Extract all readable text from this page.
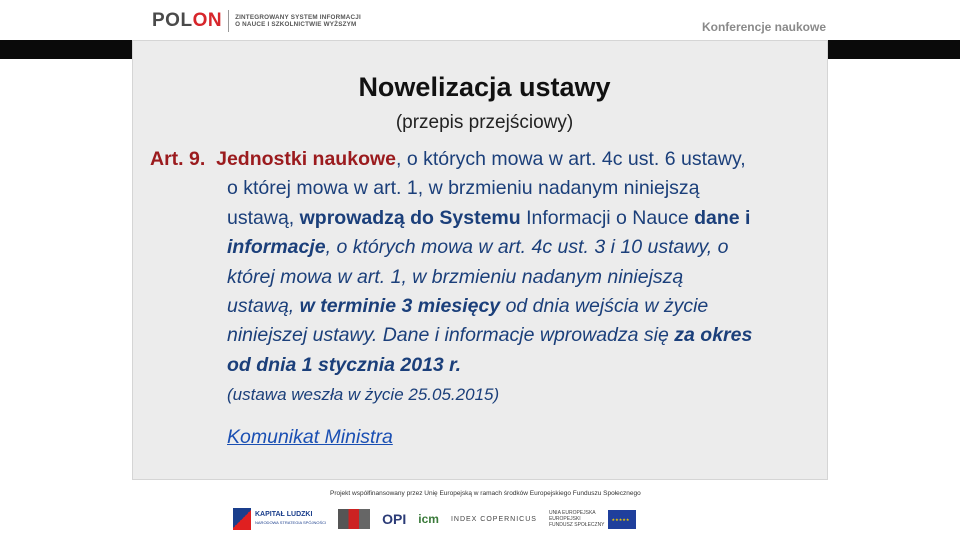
POLON ZINTEGROWANY SYSTEM INFORMACJI
O NAUCE I SZKOLNICTWIE WYŻSZYM	Konferencje naukowe
Nowelizacja ustawy
(przepis przejściowy)
Art. 9. Jednostki naukowe, o których mowa w art. 4c ust. 6 ustawy,
o której mowa w art. 1, w brzmieniu nadanym niniejszą
ustawą, wprowadzą do Systemu Informacji o Nauce dane i
informacje, o których mowa w art. 4c ust. 3 i 10 ustawy, o
której mowa w art. 1, w brzmieniu nadanym niniejszą
ustawą, w terminie 3 miesięcy od dnia wejścia w życie
niniejszej ustawy. Dane i informacje wprowadza się za okres
od dnia 1 stycznia 2013 r.
(ustawa weszła w życie 25.05.2015)
Komunikat Ministra
Projekt współfinansowany przez Unię Europejską w ramach środków Europejskiego Funduszu Społecznego
KAPITAŁ LUDZKI
NARODOWA STRATEGIA SPÓJNOŚCI	OPI icm INDEX COPERNICUS
UNIA EUROPEJSKA
EUROPEJSKI
FUNDUSZ SPOŁECZNY
★★★★★
